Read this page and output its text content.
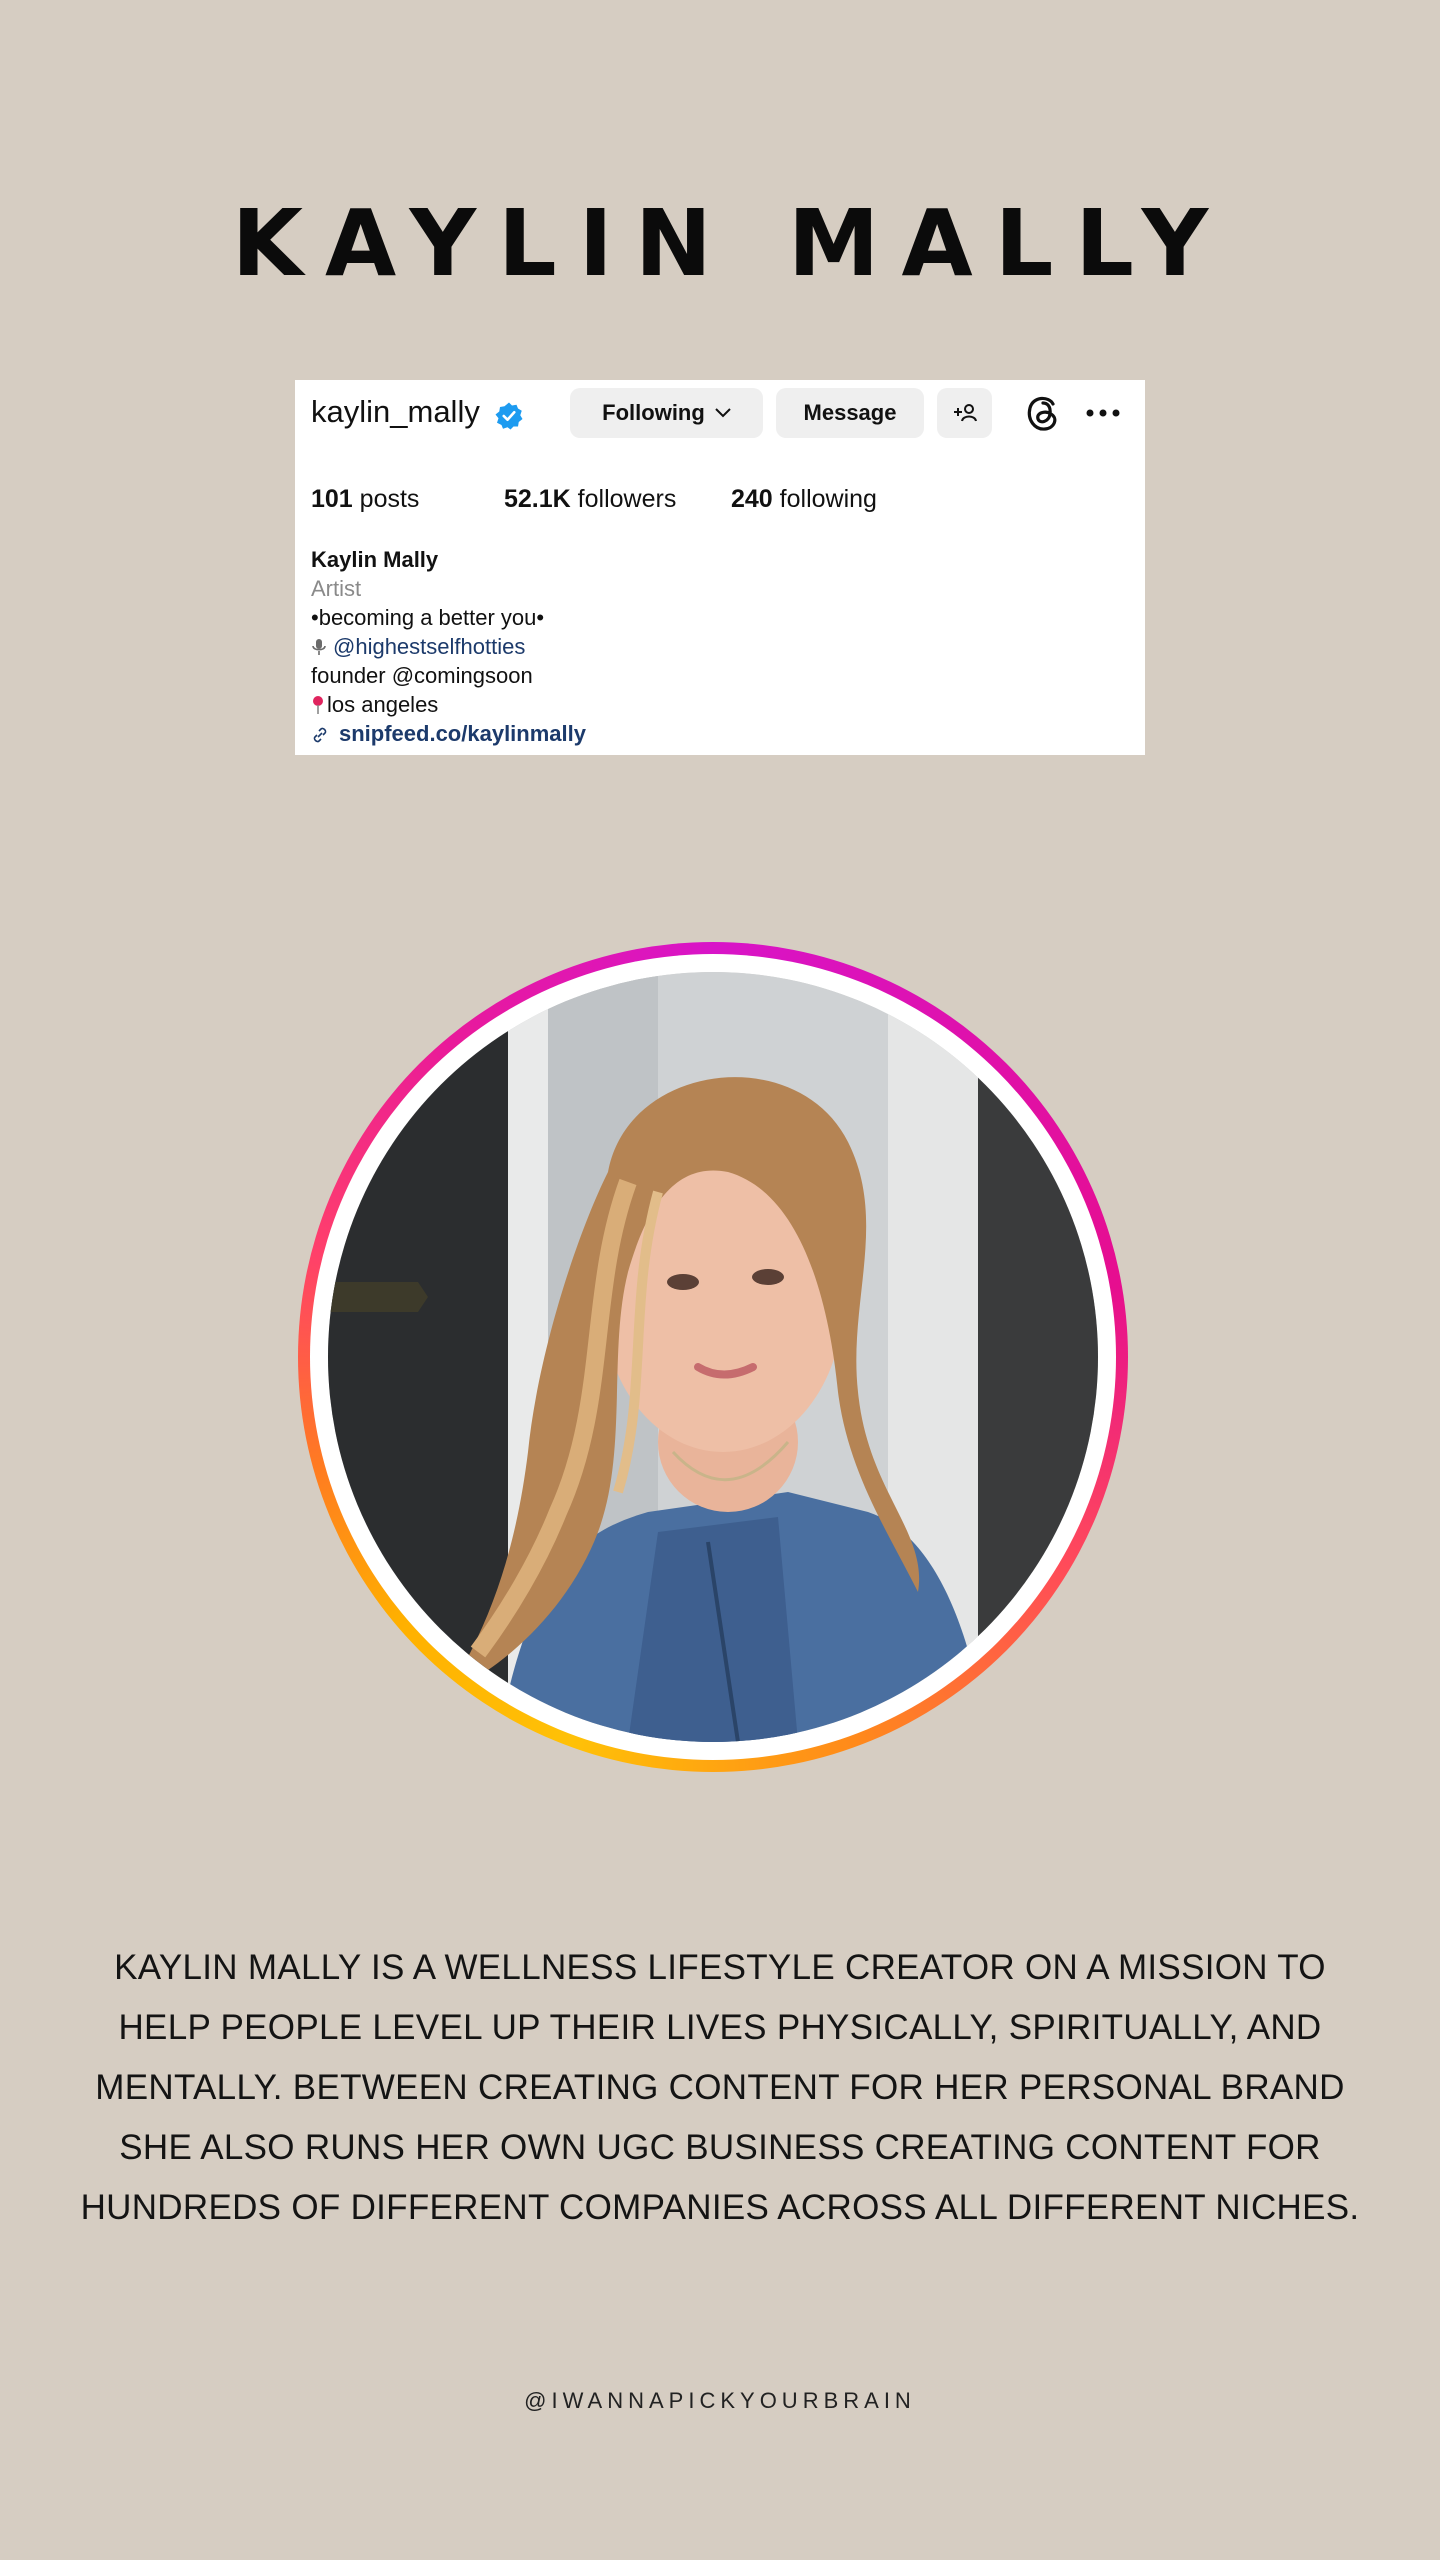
KAYLIN MALLY
kaylin_mally	Following	Message
101 posts	52.1K followers 240 following
Kaylin Mally
Artist
•becoming a better you•
@highestselfhotties
founder @comingsoon
los angeles
snipfeed.co/kaylinmally
KAYLIN MALLY IS A WELLNESS LIFESTYLE CREATOR ON A MISSION TO
HELP PEOPLE LEVEL UP THEIR LIVES PHYSICALLY, SPIRITUALLY, AND
MENTALLY. BETWEEN CREATING CONTENT FOR HER PERSONAL BRAND
SHE ALSO RUNS HER OWN UGC BUSINESS CREATING CONTENT FOR
HUNDREDS OF DIFFERENT COMPANIES ACROSS ALL DIFFERENT NICHES.
@IWANNAPICKYOURBRAIN
